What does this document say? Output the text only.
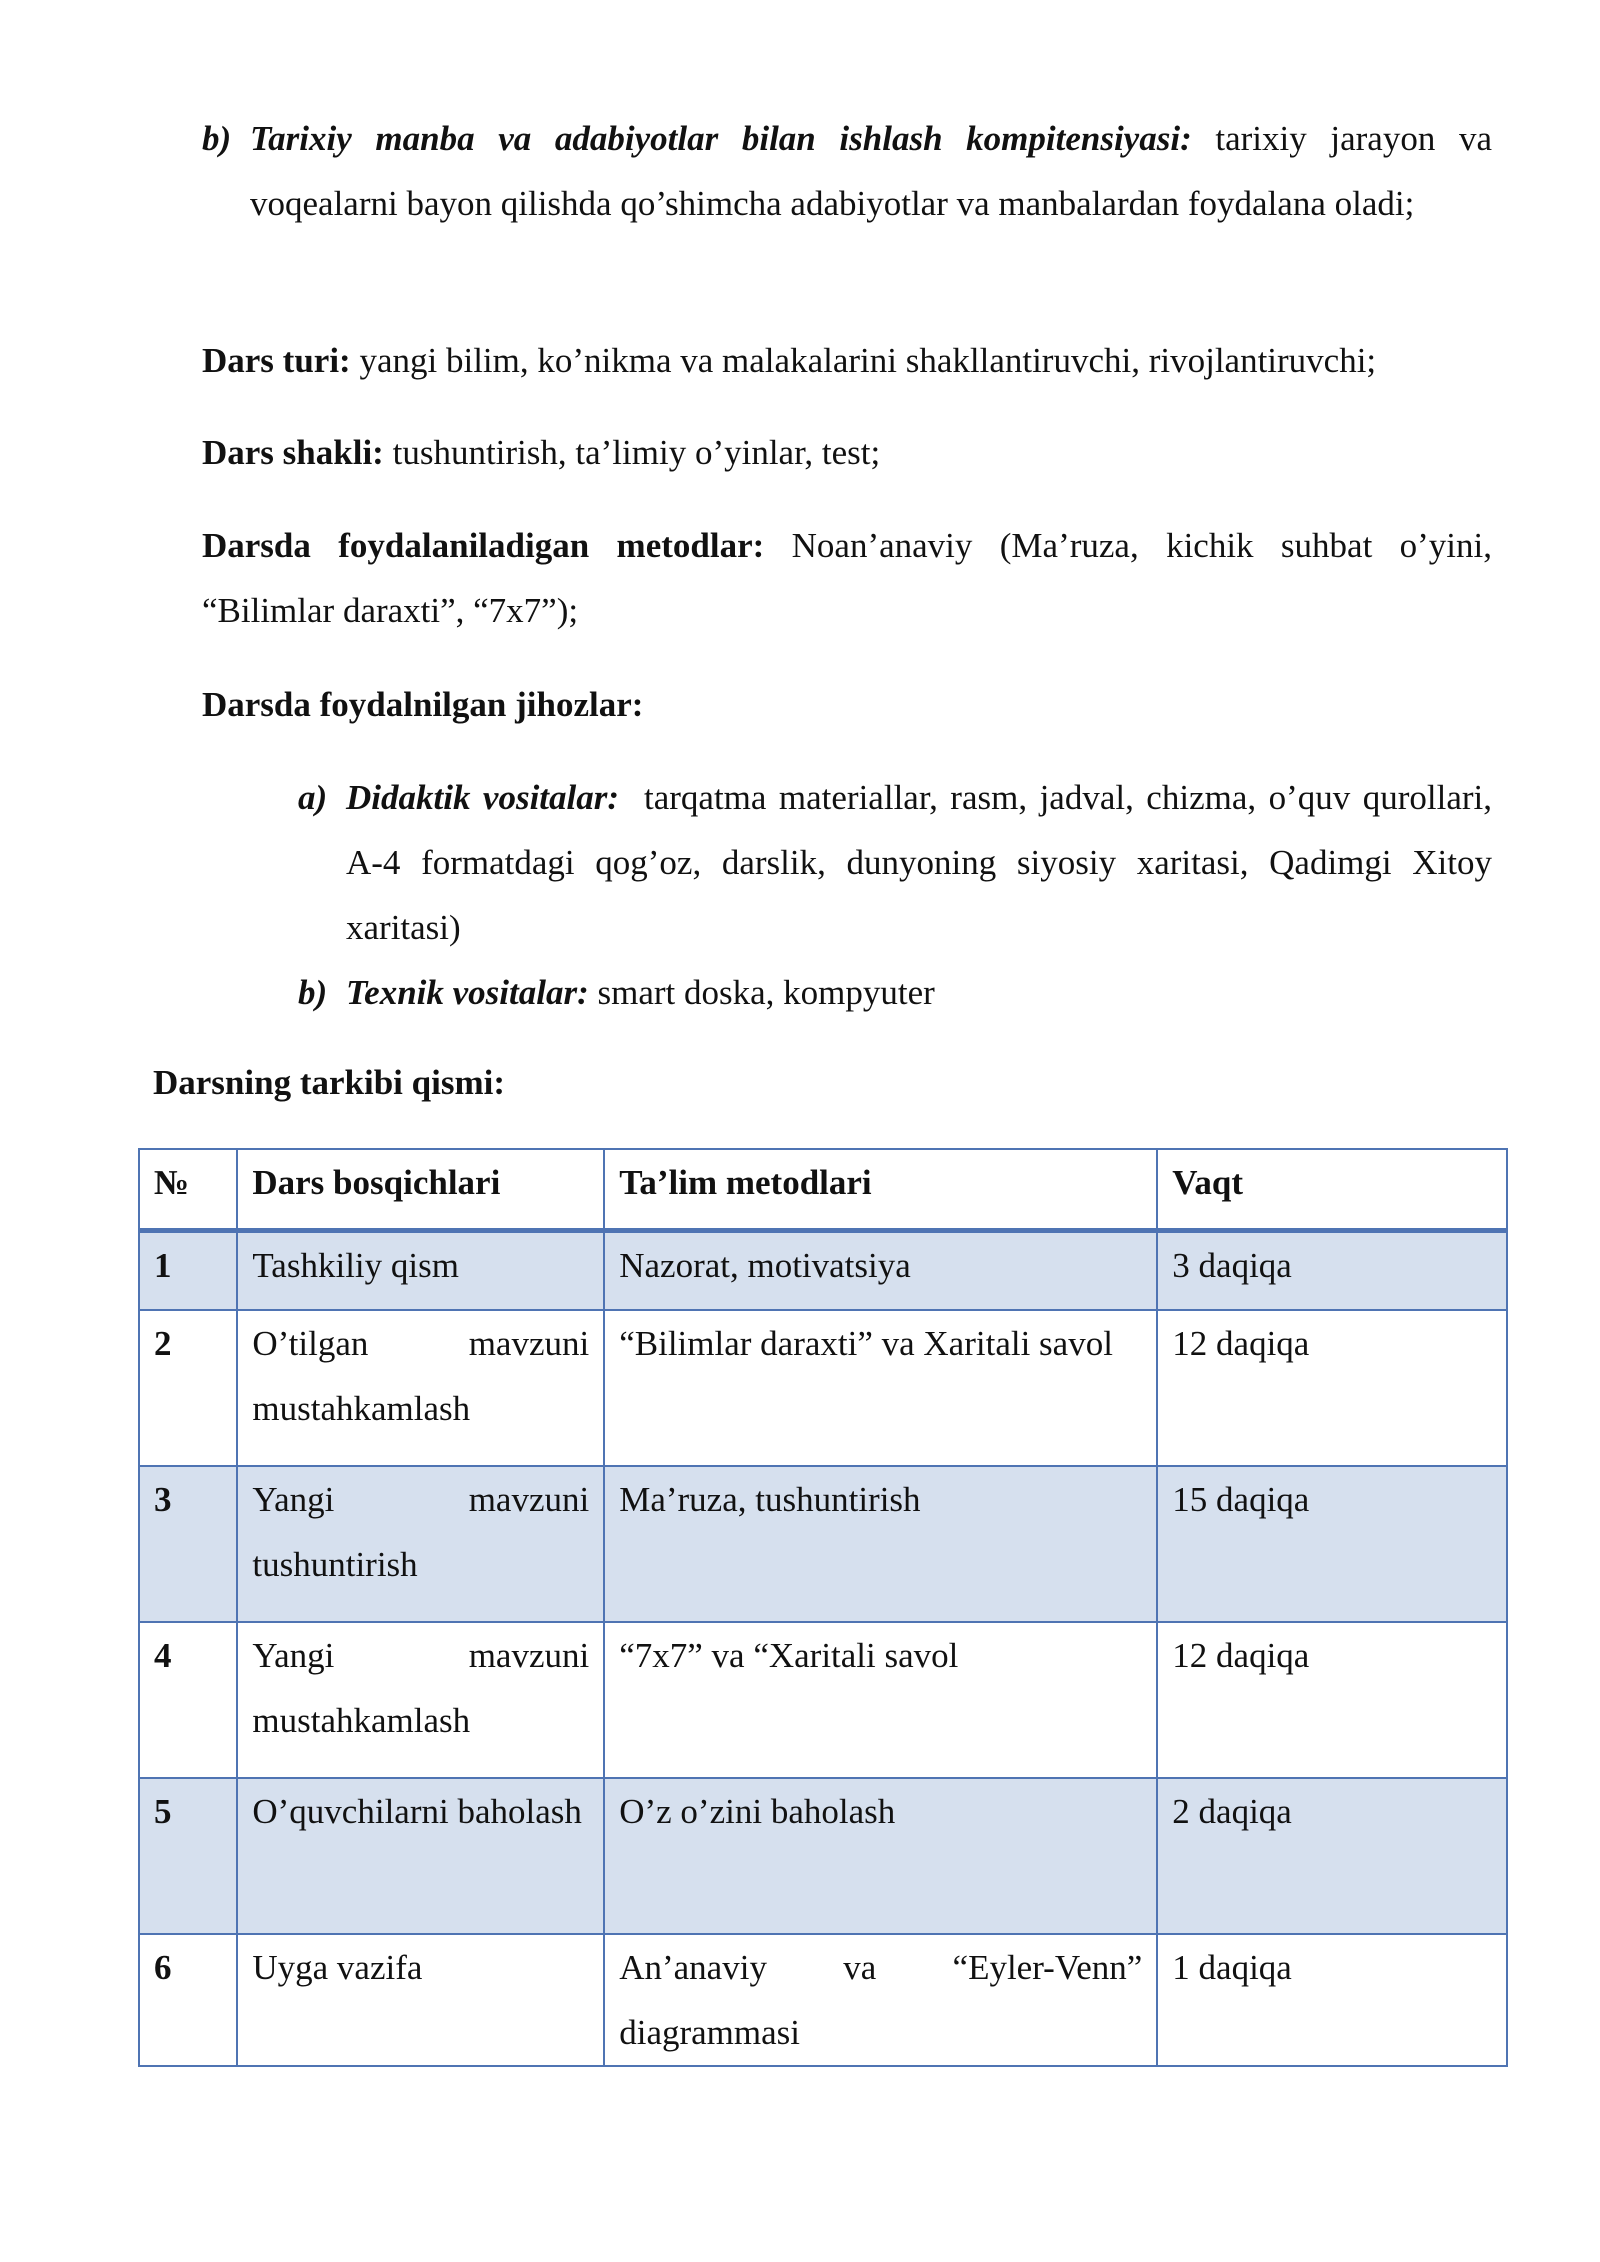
b) Tarixiy manba va adabiyotlar bilan ishlash kompitensiyasi: tarixiy jarayon va voqealarni bayon qilishda qo’shimcha adabiyotlar va manbalardan foydalana oladi;
Dars turi: yangi bilim, ko’nikma va malakalarini shakllantiruvchi, rivojlantiruvchi;
Dars shakli: tushuntirish, ta’limiy o’yinlar, test;
Darsda foydalaniladigan metodlar: Noan’anaviy (Ma’ruza, kichik suhbat o’yini, “Bilimlar daraxti”, “7x7”);
Darsda foydalnilgan jihozlar:
a) Didaktik vositalar: tarqatma materiallar, rasm, jadval, chizma, o’quv qurollari, A-4 formatdagi qog’oz, darslik, dunyoning siyosiy xaritasi, Qadimgi Xitoy xaritasi)
b) Texnik vositalar: smart doska, kompyuter
Darsning tarkibi qismi:
№	Dars bosqichlari	Ta’lim metodlari	Vaqt
1	Tashkiliy qism	Nazorat, motivatsiya	3 daqiqa
2	O’tilgan mavzuni mustahkamlash	“Bilimlar daraxti” va Xaritali savol	12 daqiqa
3	Yangi mavzuni tushuntirish	Ma’ruza, tushuntirish	15 daqiqa
4	Yangi mavzuni mustahkamlash	“7x7” va “Xaritali savol	12 daqiqa
5	O’quvchilarni baholash	O’z o’zini baholash	2 daqiqa
6	Uyga vazifa	An’anaviy va “Eyler-Venn” diagrammasi	1 daqiqa
